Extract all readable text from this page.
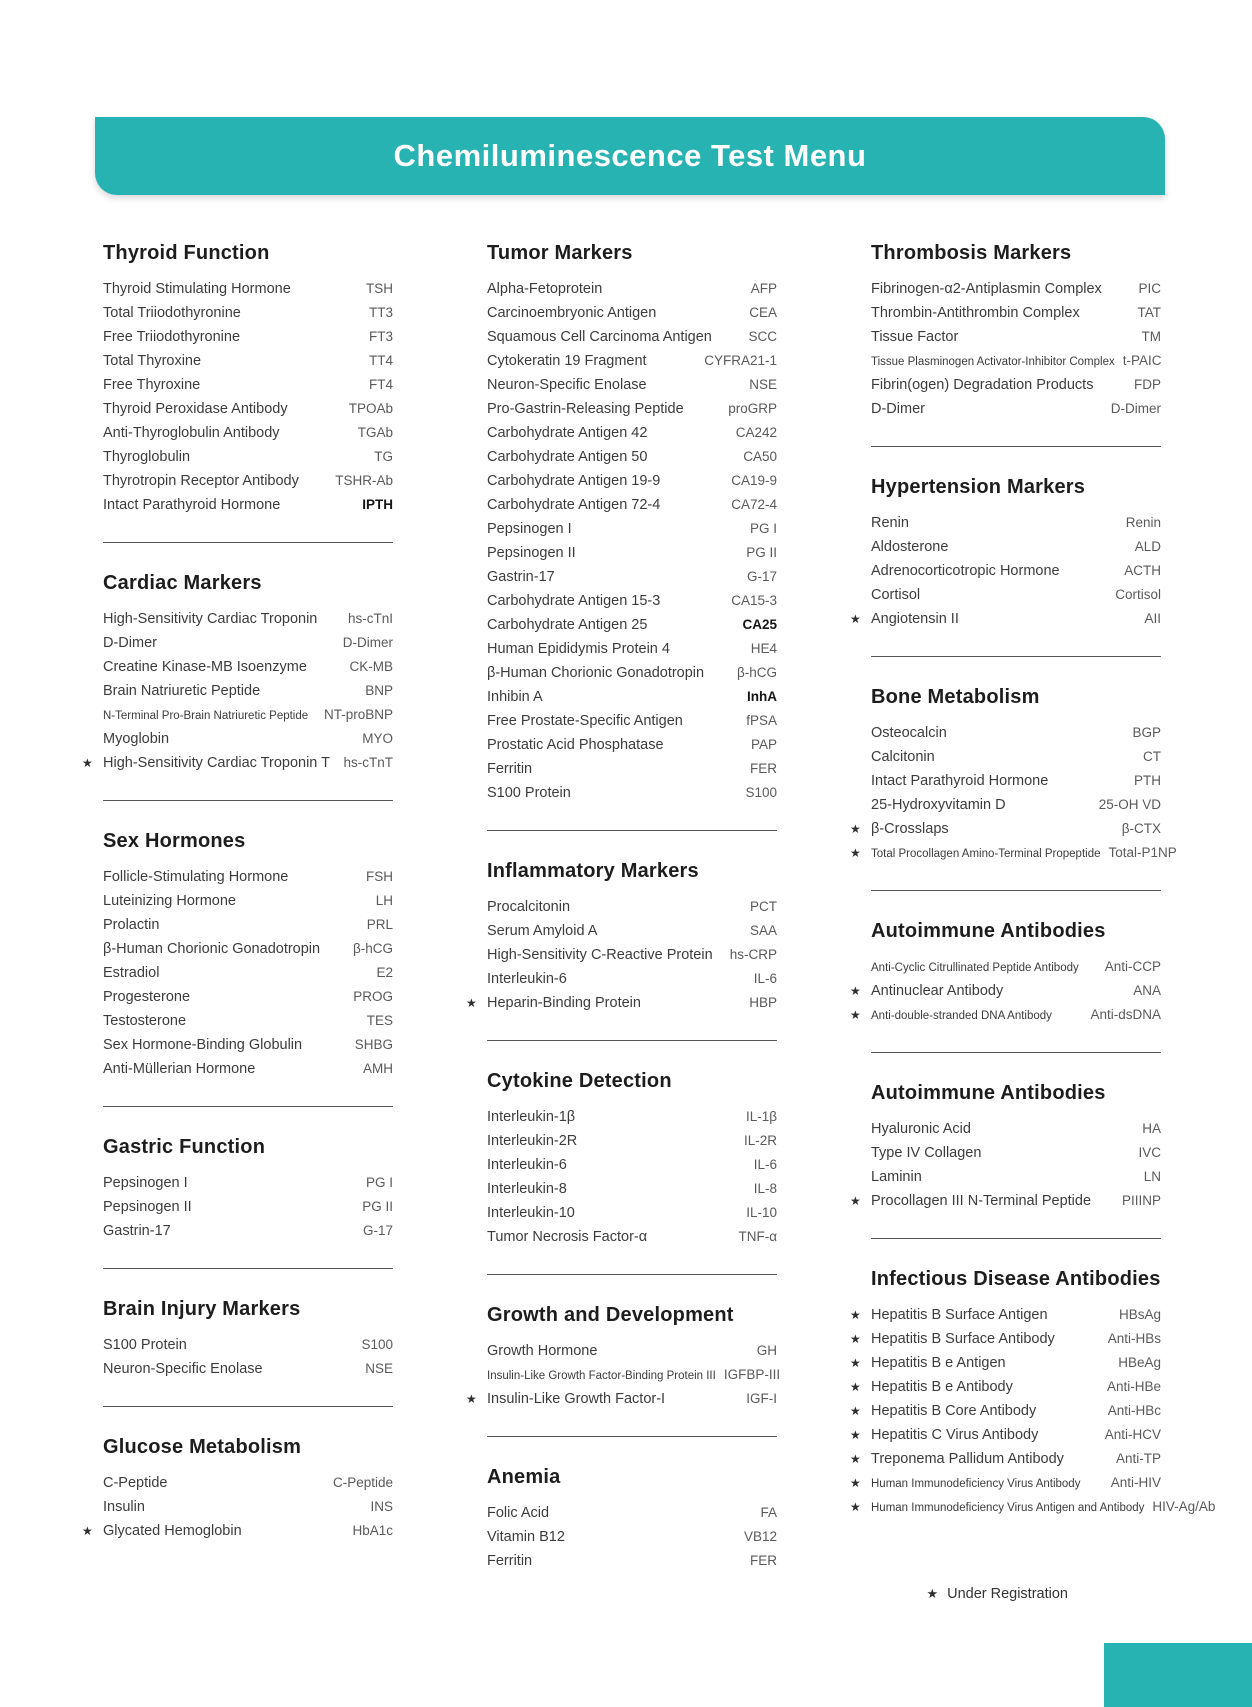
Chemiluminescence Test Menu
Thyroid Function
Thyroid Stimulating Hormone	TSH
Total Triiodothyronine	TT3
Free Triiodothyronine	FT3
Total Thyroxine	TT4
Free Thyroxine	FT4
Thyroid Peroxidase Antibody	TPOAb
Anti-Thyroglobulin Antibody	TGAb
Thyroglobulin	TG
Thyrotropin Receptor Antibody	TSHR-Ab
Intact Parathyroid Hormone	IPTH
Cardiac Markers
High-Sensitivity Cardiac Troponin hs-cTnI
D-Dimer	D-Dimer
Creatine Kinase-MB Isoenzyme	CK-MB
Brain Natriuretic Peptide	BNP
N-Terminal Pro-Brain Natriuretic Peptide NT-proBNP
Myoglobin	MYO
★ High-Sensitivity Cardiac Troponin T hs-cTnT
Sex Hormones
Follicle-Stimulating Hormone	FSH
Luteinizing Hormone	LH
Prolactin	PRL
β-Human Chorionic Gonadotropin β-hCG
Estradiol	E2
Progesterone	PROG
Testosterone	TES
Sex Hormone-Binding Globulin	SHBG
Anti-Müllerian Hormone	AMH
Gastric Function
Pepsinogen I	PG I
Pepsinogen II	PG II
Gastrin-17	G-17
Brain Injury Markers
S100 Protein	S100
Neuron-Specific Enolase	NSE
Glucose Metabolism
C-Peptide	C-Peptide
Insulin	INS
★ Glycated Hemoglobin	HbA1c
Tumor Markers
Alpha-Fetoprotein	AFP
Carcinoembryonic Antigen	CEA
Squamous Cell Carcinoma Antigen	SCC
Cytokeratin 19 Fragment	CYFRA21-1
Neuron-Specific Enolase	NSE
Pro-Gastrin-Releasing Peptide	proGRP
Carbohydrate Antigen 42	CA242
Carbohydrate Antigen 50	CA50
Carbohydrate Antigen 19-9	CA19-9
Carbohydrate Antigen 72-4	CA72-4
Pepsinogen I	PG I
Pepsinogen II	PG II
Gastrin-17	G-17
Carbohydrate Antigen 15-3	CA15-3
Carbohydrate Antigen 25	CA25
Human Epididymis Protein 4	HE4
β-Human Chorionic Gonadotropin β-hCG
Inhibin A	InhA
Free Prostate-Specific Antigen	fPSA
Prostatic Acid Phosphatase	PAP
Ferritin	FER
S100 Protein	S100
Inflammatory Markers
Procalcitonin	PCT
Serum Amyloid A	SAA
High-Sensitivity C-Reactive Protein hs-CRP
Interleukin-6	IL-6
★ Heparin-Binding Protein	HBP
Cytokine Detection
Interleukin-1β	IL-1β
Interleukin-2R	IL-2R
Interleukin-6	IL-6
Interleukin-8	IL-8
Interleukin-10	IL-10
Tumor Necrosis Factor-α	TNF-α
Growth and Development
Growth Hormone	GH
Insulin-Like Growth Factor-Binding Protein III IGFBP-III
★ Insulin-Like Growth Factor-I	IGF-I
Anemia
Folic Acid	FA
Vitamin B12	VB12
Ferritin	FER
Thrombosis Markers
Fibrinogen-α2-Antiplasmin Complex	PIC
Thrombin-Antithrombin Complex	TAT
Tissue Factor	TM
Tissue Plasminogen Activator-Inhibitor Complex t-PAIC
Fibrin(ogen) Degradation Products	FDP
D-Dimer	D-Dimer
Hypertension Markers
Renin	Renin
Aldosterone	ALD
Adrenocorticotropic Hormone	ACTH
Cortisol	Cortisol
★ Angiotensin II	AII
Bone Metabolism
Osteocalcin	BGP
Calcitonin	CT
Intact Parathyroid Hormone	PTH
25-Hydroxyvitamin D	25-OH VD
★ β-Crosslaps	β-CTX
★ Total Procollagen Amino-Terminal Propeptide Total-P1NP
Autoimmune Antibodies
Anti-Cyclic Citrullinated Peptide Antibody Anti-CCP
★ Antinuclear Antibody	ANA
★ Anti-double-stranded DNA Antibody	Anti-dsDNA
Autoimmune Antibodies
Hyaluronic Acid	HA
Type IV Collagen	IVC
Laminin	LN
★ Procollagen III N-Terminal Peptide PIIINP
Infectious Disease Antibodies
★ Hepatitis B Surface Antigen	HBsAg
★ Hepatitis B Surface Antibody	Anti-HBs
★ Hepatitis B e Antigen	HBeAg
★ Hepatitis B e Antibody	Anti-HBe
★ Hepatitis B Core Antibody	Anti-HBc
★ Hepatitis C Virus Antibody	Anti-HCV
★ Treponema Pallidum Antibody	Anti-TP
★ Human Immunodeficiency Virus Antibody Anti-HIV
★ Human Immunodeficiency Virus Antigen and Antibody HIV-Ag/Ab
★ Under Registration
